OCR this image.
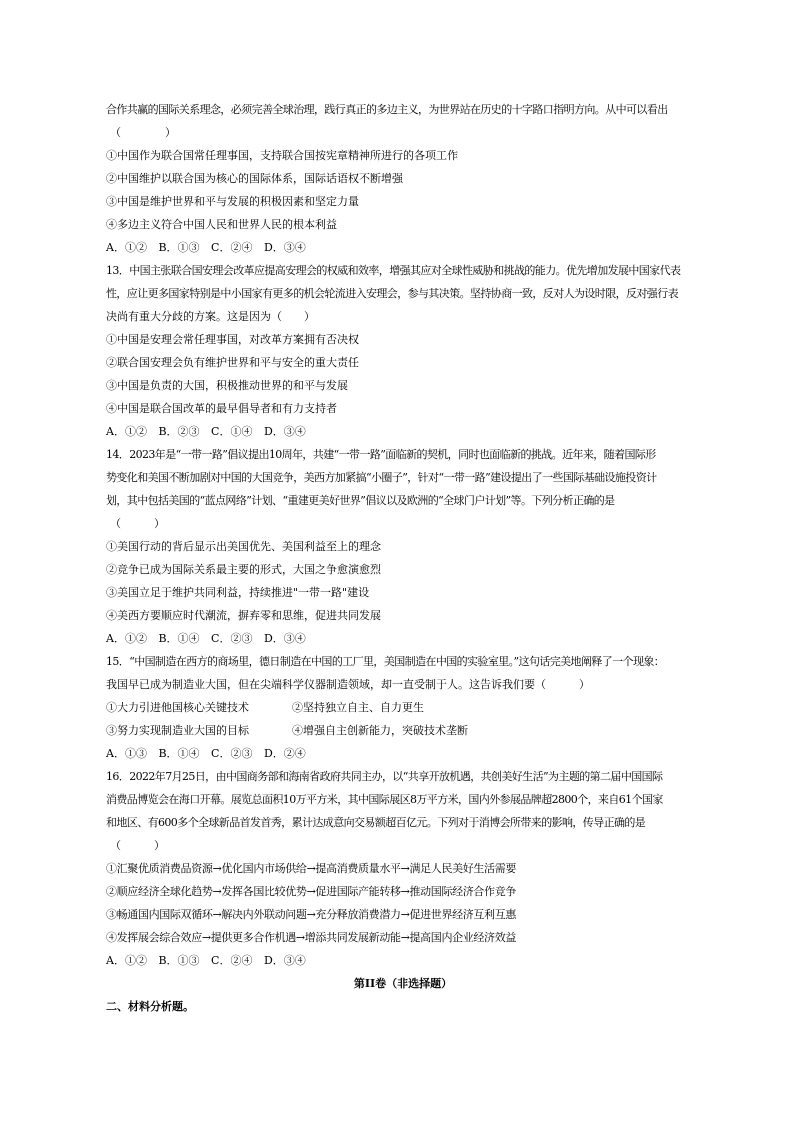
合作共赢的国际关系理念，必须完善全球治理，践行真正的多边主义，为世界站在历史的十字路口指明方向。从中可以看出
（　　　　）
①中国作为联合国常任理事国，支持联合国按宪章精神所进行的各项工作
②中国维护以联合国为核心的国际体系，国际话语权不断增强
③中国是维护世界和平与发展的积极因素和坚定力量
④多边主义符合中国人民和世界人民的根本利益
A．①② B．①③ C．②④ D．③④
13．中国主张联合国安理会改革应提高安理会的权威和效率，增强其应对全球性威胁和挑战的能力。优先增加发展中国家代表
性，应让更多国家特别是中小国家有更多的机会轮流进入安理会，参与其决策。坚持协商一致，反对人为设时限，反对强行表
决尚有重大分歧的方案。这是因为（　　）
①中国是安理会常任理事国，对改革方案拥有否决权
②联合国安理会负有维护世界和平与安全的重大责任
③中国是负责的大国，积极推动世界的和平与发展
④中国是联合国改革的最早倡导者和有力支持者
A．①② B．②③ C．①④ D．③④
14．2023年是“一带一路”倡议提出10周年，共建“一带一路”面临新的契机，同时也面临新的挑战。近年来，随着国际形
势变化和美国不断加剧对中国的大国竞争，美西方加紧搞“小圈子”，针对“一带一路”建设提出了一些国际基础设施投资计
划，其中包括美国的“蓝点网络”计划、“重建更美好世界”倡议以及欧洲的“全球门户计划”等。下列分析正确的是
（　　　）
①美国行动的背后显示出美国优先、美国利益至上的理念
②竞争已成为国际关系最主要的形式，大国之争愈演愈烈
③美国立足于维护共同利益，持续推进"一带一路"建设
④美西方要顺应时代潮流，摒弃零和思维，促进共同发展
A．①② B．①④ C．②③ D．③④
15．“中国制造在西方的商场里，德日制造在中国的工厂里，美国制造在中国的实验室里。”这句话完美地阐释了一个现象：
我国早已成为制造业大国，但在尖端科学仪器制造领域，却一直受制于人。这告诉我们要（　　　）
①大力引进他国核心关键技术	②坚持独立自主、自力更生 ③努力实现制造业大国的目标	④增强自主创新能力，突破技术垄断
A．①③ B．①④ C．②③ D．②④
16．2022年7月25日，由中国商务部和海南省政府共同主办，以“共享开放机遇，共创美好生活”为主题的第二届中国国际
消费品博览会在海口开幕。展览总面积10万平方米，其中国际展区8万平方米，国内外参展品牌超2800个，来自61个国家
和地区、有600多个全球新品首发首秀，累计达成意向交易额超百亿元。下列对于消博会所带来的影响，传导正确的是
（　　　）
①汇聚优质消费品资源→优化国内市场供给→提高消费质量水平→满足人民美好生活需要
②顺应经济全球化趋势→发挥各国比较优势→促进国际产能转移→推动国际经济合作竞争
③畅通国内国际双循环→解决内外联动问题→充分释放消费潜力→促进世界经济互利互惠
④发挥展会综合效应→提供更多合作机遇→增添共同发展新动能→提高国内企业经济效益
A．①② B．①③ C．②④ D．③④
第II卷（非选择题）
二、材料分析题。
